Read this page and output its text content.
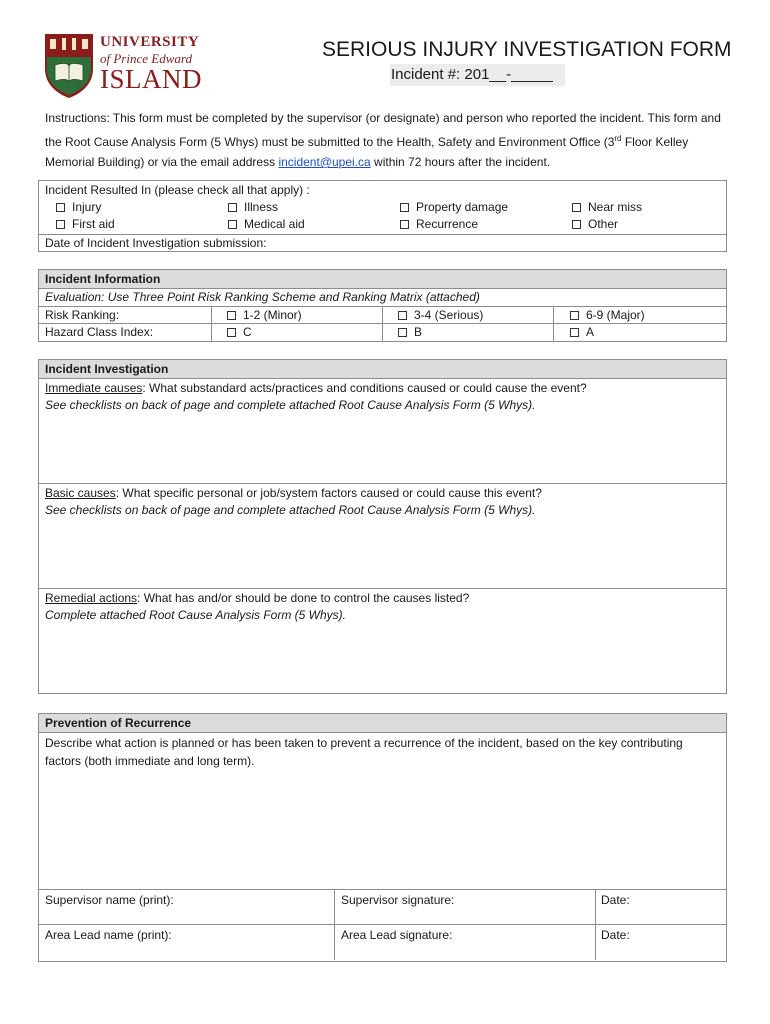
UNIVERSITY
of Prince Edward
ISLAND
SERIOUS INJURY INVESTIGATION FORM
Incident #: 201__-_____
Instructions: This form must be completed by the supervisor (or designate) and person who reported the incident. This form and the Root Cause Analysis Form (5 Whys) must be submitted to the Health, Safety and Environment Office (3rd Floor Kelley Memorial Building) or via the email address incident@upei.ca within 72 hours after the incident.
Incident Resulted In (please check all that apply) :
Injury	Illness	Property damage	Near miss
First aid	Medical aid	Recurrence	Other
Date of Incident Investigation submission:
Incident Information
Evaluation: Use Three Point Risk Ranking Scheme and Ranking Matrix (attached)
Risk Ranking:	1-2 (Minor)	3-4 (Serious)	6-9 (Major)
Hazard Class Index:	C	B	A
Incident Investigation
Immediate causes: What substandard acts/practices and conditions caused or could cause the event?
See checklists on back of page and complete attached Root Cause Analysis Form (5 Whys).
Basic causes: What specific personal or job/system factors caused or could cause this event?
See checklists on back of page and complete attached Root Cause Analysis Form (5 Whys).
Remedial actions: What has and/or should be done to control the causes listed?
Complete attached Root Cause Analysis Form (5 Whys).
Prevention of Recurrence
Describe what action is planned or has been taken to prevent a recurrence of the incident, based on the key contributing factors (both immediate and long term).
Supervisor name (print):	Supervisor signature:	Date:
Area Lead name (print):	Area Lead signature:	Date:
